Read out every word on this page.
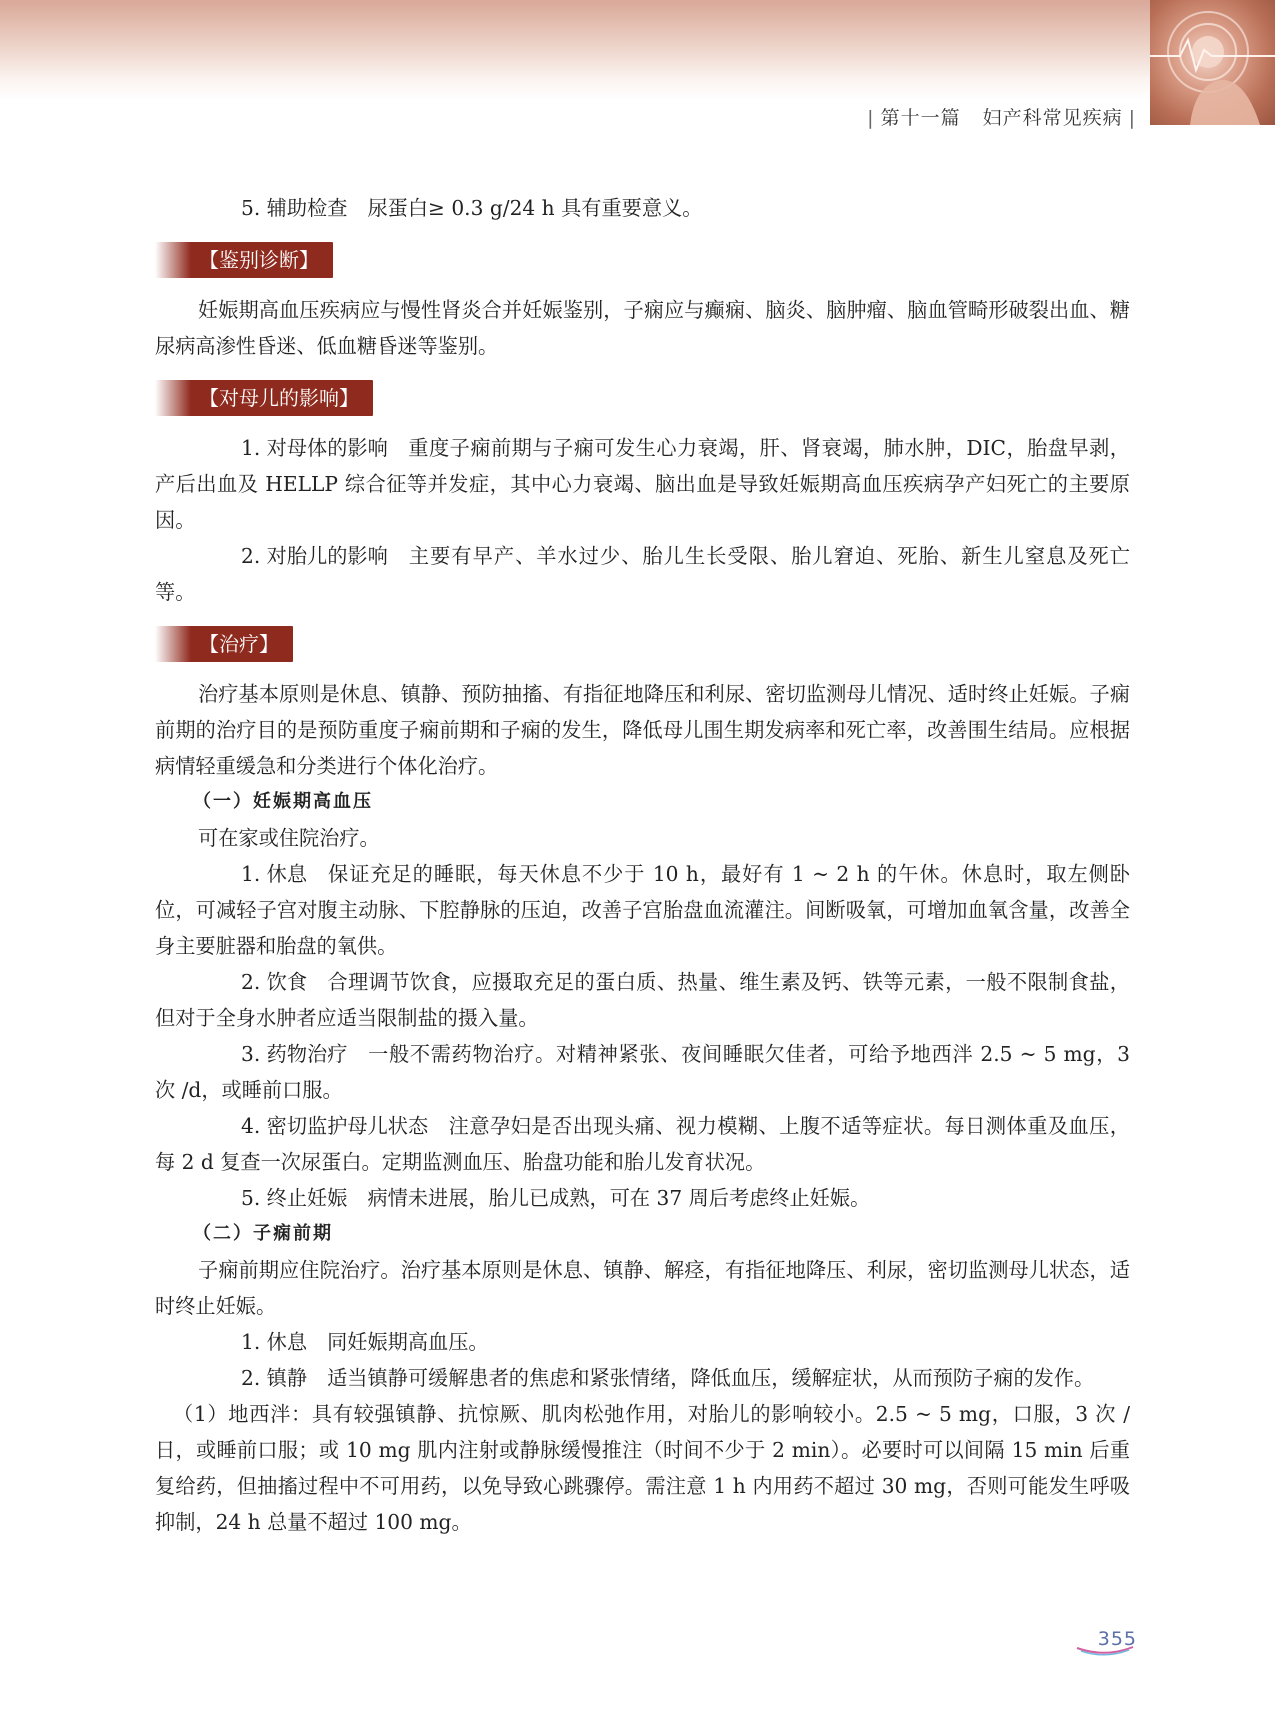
| 第十一篇 妇产科常见疾病 |

5. 辅助检查 尿蛋白≥ 0.3 g/24 h 具有重要意义。

【鉴别诊断】

妊娠期高血压疾病应与慢性肾炎合并妊娠鉴别，子痫应与癫痫、脑炎、脑肿瘤、脑血管畸形破裂出血、糖尿病高渗性昏迷、低血糖昏迷等鉴别。

【对母儿的影响】

1. 对母体的影响 重度子痫前期与子痫可发生心力衰竭，肝、肾衰竭，肺水肿，DIC，胎盘早剥，产后出血及 HELLP 综合征等并发症，其中心力衰竭、脑出血是导致妊娠期高血压疾病孕产妇死亡的主要原因。

2. 对胎儿的影响 主要有早产、羊水过少、胎儿生长受限、胎儿窘迫、死胎、新生儿窒息及死亡等。

【治疗】

治疗基本原则是休息、镇静、预防抽搐、有指征地降压和利尿、密切监测母儿情况、适时终止妊娠。子痫前期的治疗目的是预防重度子痫前期和子痫的发生，降低母儿围生期发病率和死亡率，改善围生结局。应根据病情轻重缓急和分类进行个体化治疗。

（一）妊娠期高血压

可在家或住院治疗。

1. 休息 保证充足的睡眠，每天休息不少于 10 h，最好有 1 ~ 2 h 的午休。休息时，取左侧卧位，可减轻子宫对腹主动脉、下腔静脉的压迫，改善子宫胎盘血流灌注。间断吸氧，可增加血氧含量，改善全身主要脏器和胎盘的氧供。

2. 饮食 合理调节饮食，应摄取充足的蛋白质、热量、维生素及钙、铁等元素，一般不限制食盐，但对于全身水肿者应适当限制盐的摄入量。

3. 药物治疗 一般不需药物治疗。对精神紧张、夜间睡眠欠佳者，可给予地西泮 2.5 ~ 5 mg，3 次 /d，或睡前口服。

4. 密切监护母儿状态 注意孕妇是否出现头痛、视力模糊、上腹不适等症状。每日测体重及血压，每 2 d 复查一次尿蛋白。定期监测血压、胎盘功能和胎儿发育状况。

5. 终止妊娠 病情未进展，胎儿已成熟，可在 37 周后考虑终止妊娠。

（二）子痫前期

子痫前期应住院治疗。治疗基本原则是休息、镇静、解痉，有指征地降压、利尿，密切监测母儿状态，适时终止妊娠。

1. 休息 同妊娠期高血压。

2. 镇静 适当镇静可缓解患者的焦虑和紧张情绪，降低血压，缓解症状，从而预防子痫的发作。

（1）地西泮：具有较强镇静、抗惊厥、肌肉松弛作用，对胎儿的影响较小。2.5 ~ 5 mg，口服，3 次 / 日，或睡前口服；或 10 mg 肌内注射或静脉缓慢推注（时间不少于 2 min）。必要时可以间隔 15 min 后重复给药，但抽搐过程中不可用药，以免导致心跳骤停。需注意 1 h 内用药不超过 30 mg，否则可能发生呼吸抑制，24 h 总量不超过 100 mg。

355
